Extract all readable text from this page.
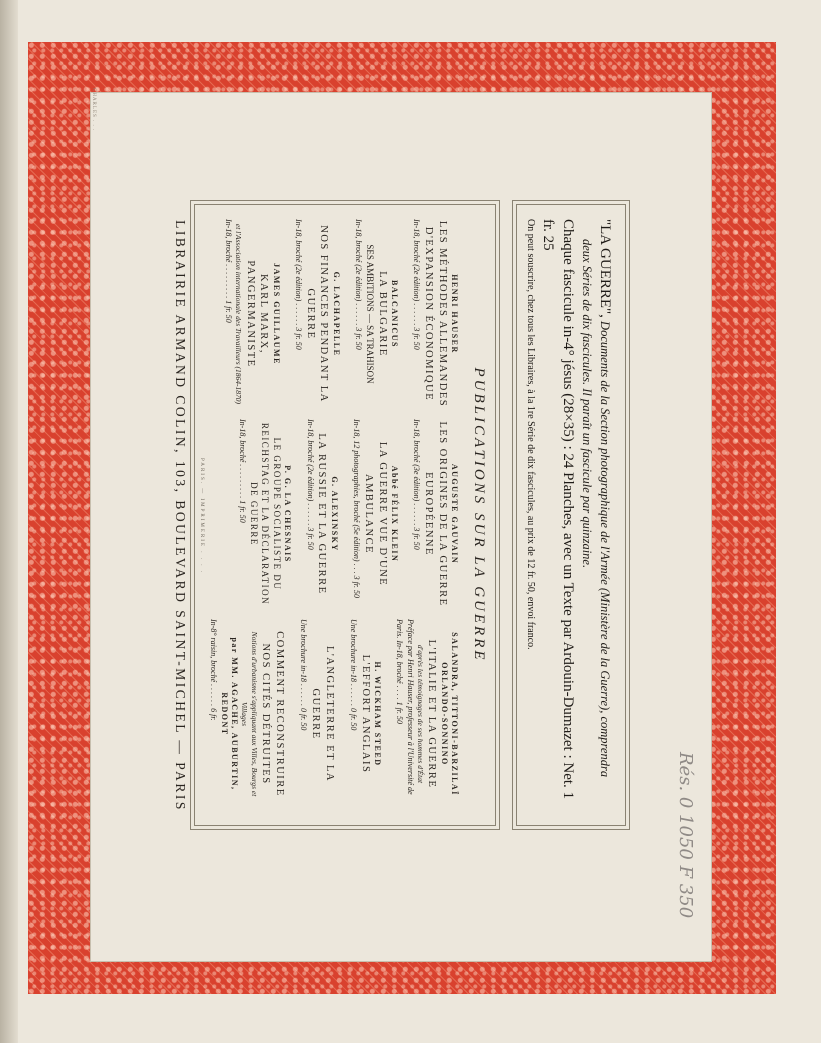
"LA GUERRE", Documents de la Section photographique de l'Armée (Ministère de la Guerre), comprendra
deux Séries de dix fascicules. Il paraît un fascicule par quinzaine.
Chaque fascicule in-4° jésus (28×35) : 24 Planches, avec un Texte par Ardouin-Dumazet : Net. 1 fr. 25
On peut souscrire, chez tous les Libraires, à la 1re Série de dix fascicules, au prix de 12 fr. 50, envoi franco.
PUBLICATIONS SUR LA GUERRE
HENRI HAUSER
LES MÉTHODES ALLEMANDES D'EXPANSION ÉCONOMIQUE
In-18, broché (2e édition) . . . . . . 3 fr. 50
BALCANICUS
LA BULGARIE
SES AMBITIONS — SA TRAHISON
In-18, broché (2e édition) . . . . . . 3 fr. 50
G. LACHAPELLE
NOS FINANCES PENDANT LA GUERRE
In-18, broché (2e édition) . . . . . . 3 fr. 50
JAMES GUILLAUME
KARL MARX, PANGERMANISTE
et l'Association internationale des Travailleurs (1864-1870)
In-18, broché . . . . . . . . . 1 fr. 50
AUGUSTE GAUVAIN
LES ORIGINES DE LA GUERRE EUROPÉENNE
In-18, broché (3e édition) . . . . . . 3 fr. 50
Abbé FÉLIX KLEIN
LA GUERRE VUE D'UNE AMBULANCE
In-18, 12 photographies, broché (5e édition) . . . 3 fr. 50
G. ALEXINSKY
LA RUSSIE ET LA GUERRE
In-18, broché (2e édition) . . . . . . 3 fr. 50
P. G. LA CHESNAIS
LE GROUPE SOCIALISTE DU REICHSTAG ET LA DÉCLARATION DE GUERRE
In-18, broché . . . . . . . . . 1 fr. 50
SALANDRA, TITTONI-BARZILAÏ ORLANDO-SONNINO
L'ITALIE ET LA GUERRE
d'après les témoignages de ses hommes d'État
Préface par Henri Hauser, professeur à l'Université de Paris. In-18, broché . . . . 1 fr. 50
H. WICKHAM STEED
L'EFFORT ANGLAIS
Une brochure in-18 . . . . . . 0 fr. 50
L'ANGLETERRE ET LA GUERRE
Une brochure in-18 . . . . . . 0 fr. 50
COMMENT RECONSTRUIRE NOS CITÉS DÉTRUITES
Notions d'urbanisme s'appliquant aux Villes, Bourgs et Villages
par MM. AGACHE, AUBURTIN, REDONT
In-8° raisin, broché . . . . . . 6 fr.
PARIS. — IMPRIMERIE . . . .
LIBRAIRIE ARMAND COLIN, 103, BOULEVARD SAINT-MICHEL — PARIS
Rés. 0 1050 F 350
CHARLES . . .
